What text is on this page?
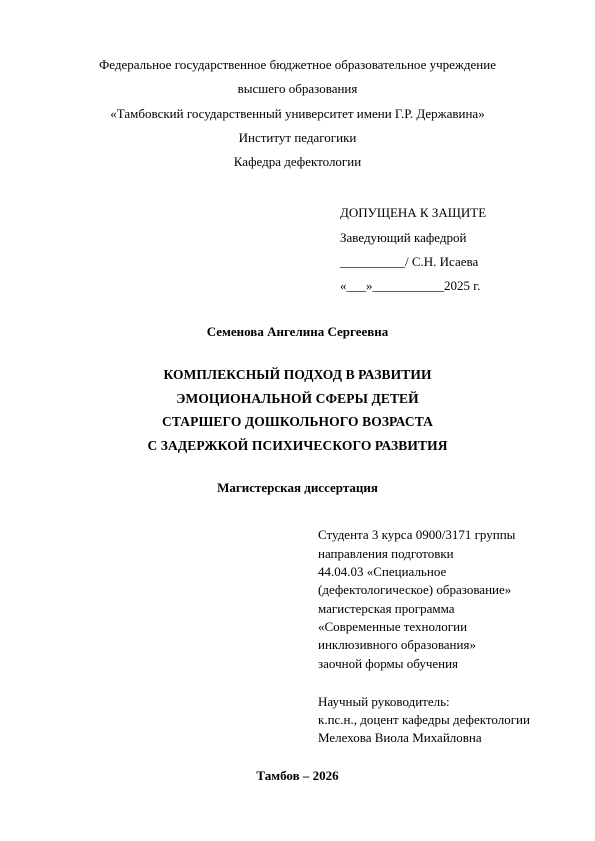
Федеральное государственное бюджетное образовательное учреждение
высшего образования
«Тамбовский государственный университет имени Г.Р. Державина»
Институт педагогики
Кафедра дефектологии
ДОПУЩЕНА К ЗАЩИТЕ
Заведующий кафедрой
__________/ С.Н. Исаева
«___»___________2025 г.
Семенова Ангелина Сергеевна
КОМПЛЕКСНЫЙ ПОДХОД В РАЗВИТИИ
ЭМОЦИОНАЛЬНОЙ СФЕРЫ ДЕТЕЙ
СТАРШЕГО ДОШКОЛЬНОГО ВОЗРАСТА
С ЗАДЕРЖКОЙ ПСИХИЧЕСКОГО РАЗВИТИЯ
Магистерская диссертация
Студента 3 курса 0900/3171 группы
направления подготовки
44.04.03 «Специальное
(дефектологическое) образование»
магистерская программа
«Современные технологии
инклюзивного образования»
заочной формы обучения
Научный руководитель:
к.пс.н., доцент кафедры дефектологии
Мелехова Виола Михайловна
Тамбов – 2026
